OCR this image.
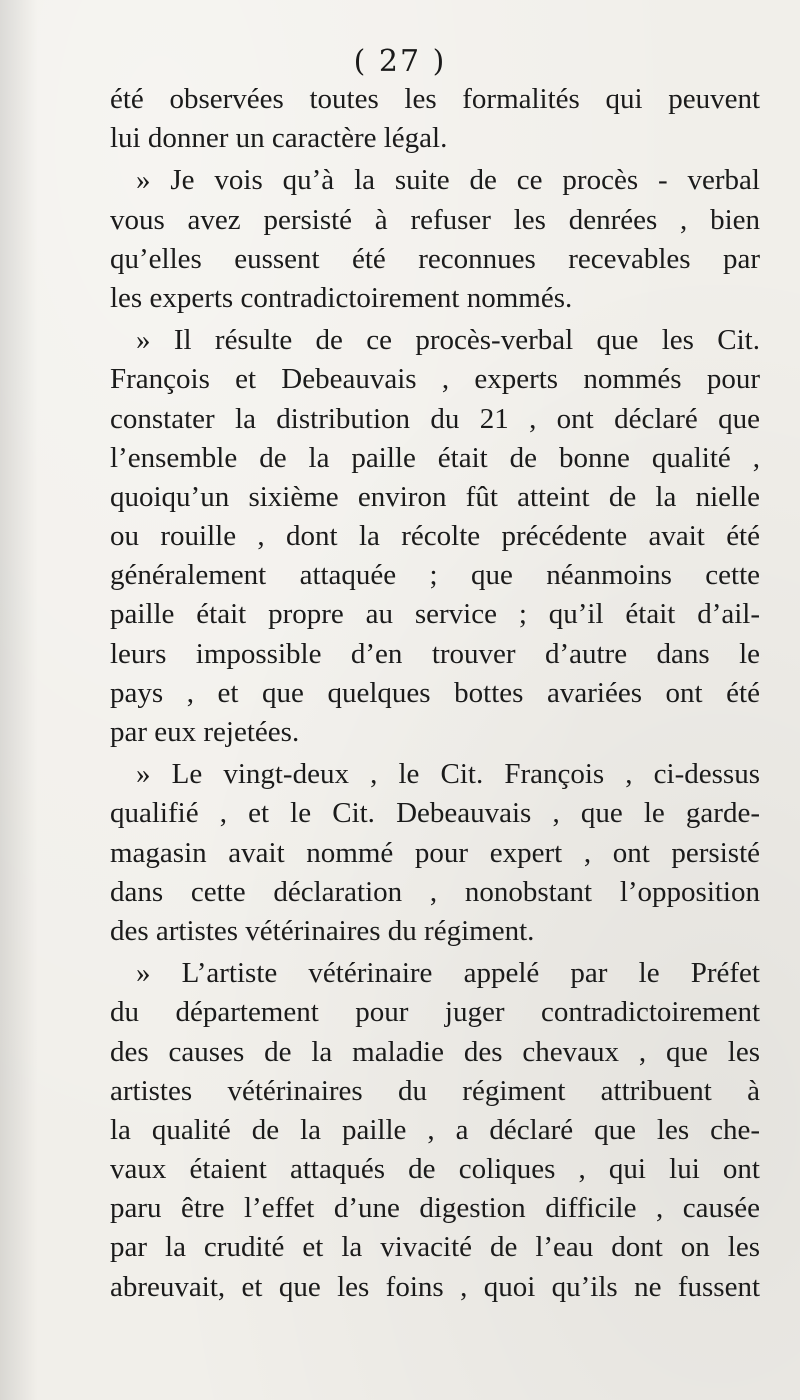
( 27 )
été observées toutes les formalités qui peuvent
lui donner un caractère légal.
» Je vois qu’à la suite de ce procès - verbal
vous avez persisté à refuser les denrées , bien
qu’elles eussent été reconnues recevables par
les experts contradictoirement nommés.
» Il résulte de ce procès-verbal que les Cit.
François et Debeauvais , experts nommés pour
constater la distribution du 21 , ont déclaré que
l’ensemble de la paille était de bonne qualité ,
quoiqu’un sixième environ fût atteint de la nielle
ou rouille , dont la récolte précédente avait été
généralement attaquée ; que néanmoins cette
paille était propre au service ; qu’il était d’ail-
leurs impossible d’en trouver d’autre dans le
pays , et que quelques bottes avariées ont été
par eux rejetées.
» Le vingt-deux , le Cit. François , ci-dessus
qualifié , et le Cit. Debeauvais , que le garde-
magasin avait nommé pour expert , ont persisté
dans cette déclaration , nonobstant l’opposition
des artistes vétérinaires du régiment.
» L’artiste vétérinaire appelé par le Préfet
du département pour juger contradictoirement
des causes de la maladie des chevaux , que les
artistes vétérinaires du régiment attribuent à
la qualité de la paille , a déclaré que les che-
vaux étaient attaqués de coliques , qui lui ont
paru être l’effet d’une digestion difficile , causée
par la crudité et la vivacité de l’eau dont on les
abreuvait, et que les foins , quoi qu’ils ne fussent
